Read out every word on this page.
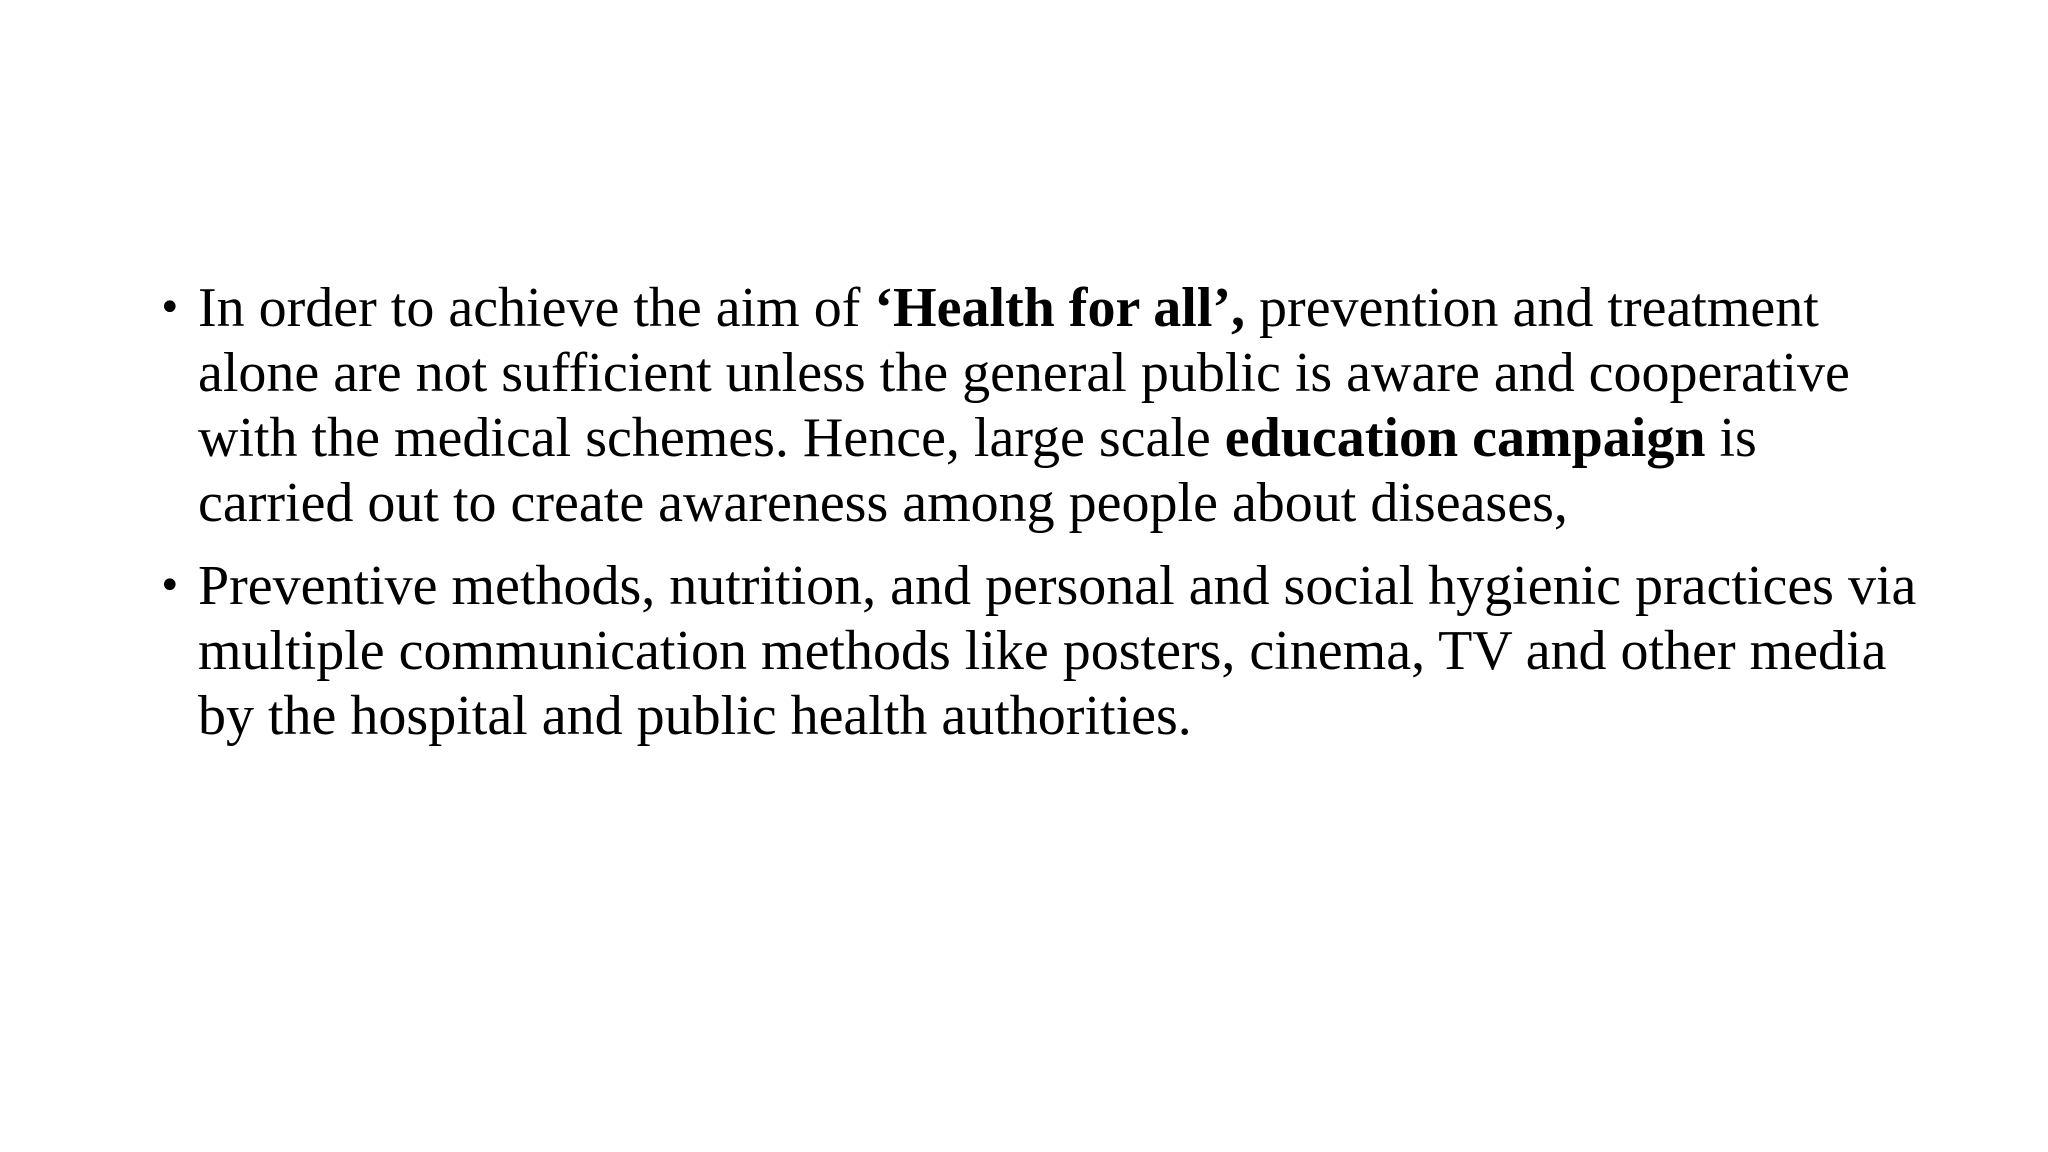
• In order to achieve the aim of ‘Health for all’, prevention and treatment alone are not sufficient unless the general public is aware and cooperative with the medical schemes. Hence, large scale education campaign is carried out to create awareness among people about diseases,
• Preventive methods, nutrition, and personal and social hygienic practices via multiple communication methods like posters, cinema, TV and other media by the hospital and public health authorities.
